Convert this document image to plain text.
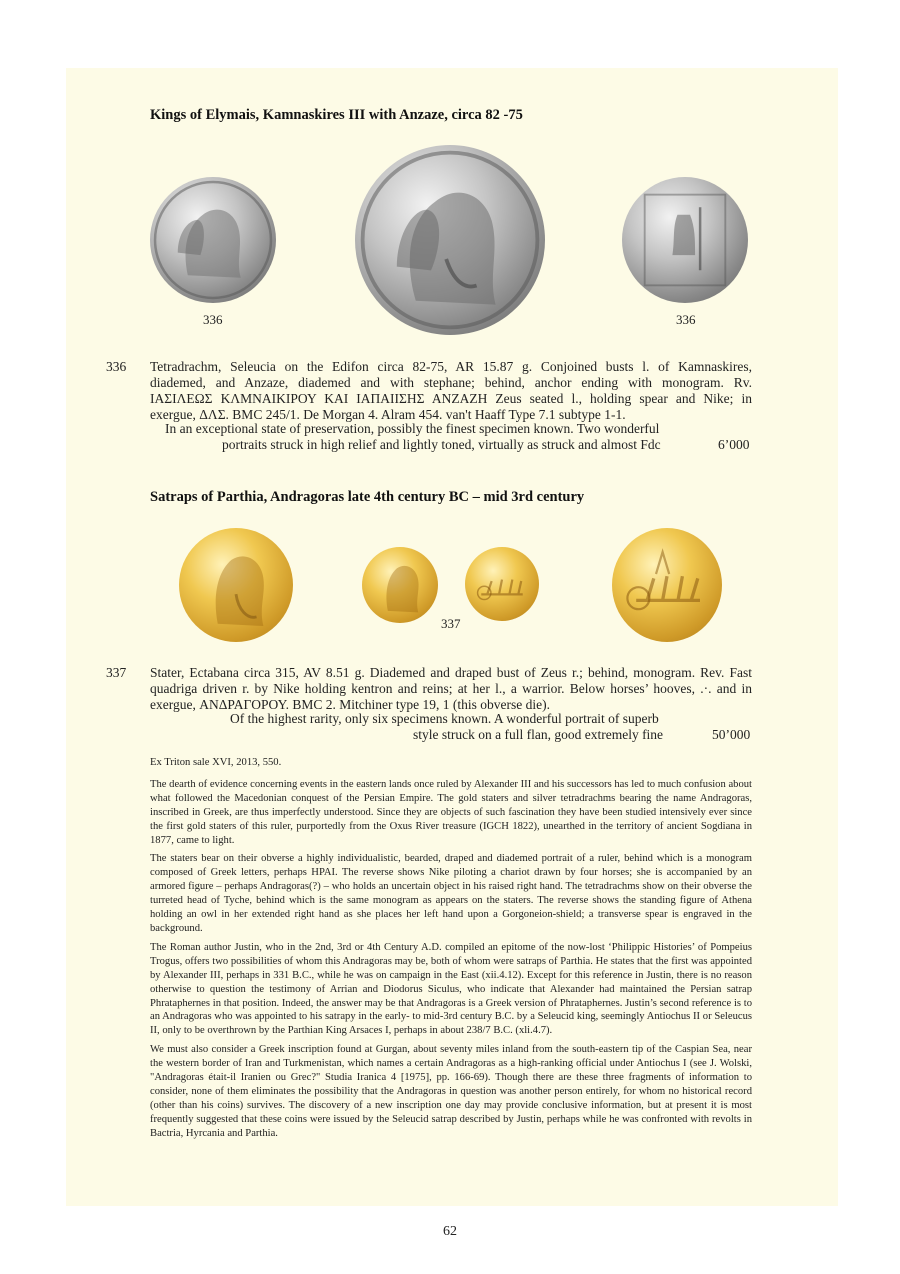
Kings of Elymais, Kamnaskires III with Anzaze, circa 82 -75
336	336
336 Tetradrachm, Seleucia on the Edifon circa 82-75, AR 15.87 g. Conjoined busts l. of Kamnaskires,
diademed, and Anzaze, diademed and with stephane; behind, anchor ending with monogram. Rv.
ΙΑΣΙΛΕΩΣ ΚΛΜΝΑΙΚΙΡΟΥ ΚΑΙ ΙΑΠΑΙΙΣΗΣ ΑΝΖΑΖΗ Zeus seated l., holding spear and Nike; in
exergue, ΔΛΣ. BMC 245/1. De Morgan 4. Alram 454. van't Haaff Type 7.1 subtype 1-1.
In an exceptional state of preservation, possibly the finest specimen known. Two wonderful
portraits struck in high relief and lightly toned, virtually as struck and almost Fdc	6’000
Satraps of Parthia, Andragoras late 4th century BC – mid 3rd century
337
337 Stater, Ectabana circa 315, AV 8.51 g. Diademed and draped bust of Zeus r.; behind, monogram. Rev. Fast
quadriga driven r. by Nike holding kentron and reins; at her l., a warrior. Below horses’ hooves, .·. and in
exergue, ΑΝΔΡΑΓΟΡΟΥ. BMC 2. Mitchiner type 19, 1 (this obverse die).
Of the highest rarity, only six specimens known. A wonderful portrait of superb
style struck on a full flan, good extremely fine	50’000

Ex Triton sale XVI, 2013, 550.

The dearth of evidence concerning events in the eastern lands once ruled by Alexander III and his successors has led to much confusion about what followed the Macedonian conquest of the Persian Empire. The gold staters and silver tetradrachms bearing the name Andragoras, inscribed in Greek, are thus imperfectly understood. Since they are objects of such fascination they have been studied intensively ever since the first gold staters of this ruler, purportedly from the Oxus River treasure (IGCH 1822), unearthed in the territory of ancient Sogdiana in 1877, came to light.

The staters bear on their obverse a highly individualistic, bearded, draped and diademed portrait of a ruler, behind which is a monogram composed of Greek letters, perhaps HPAI. The reverse shows Nike piloting a chariot drawn by four horses; she is accompanied by an armored figure – perhaps Andragoras(?) – who holds an uncertain object in his raised right hand. The tetradrachms show on their obverse the turreted head of Tyche, behind which is the same monogram as appears on the staters. The reverse shows the standing figure of Athena holding an owl in her extended right hand as she places her left hand upon a Gorgoneion-shield; a transverse spear is engraved in the background.

The Roman author Justin, who in the 2nd, 3rd or 4th Century A.D. compiled an epitome of the now-lost ‘Philippic Histories’ of Pompeius Trogus, offers two possibilities of whom this Andragoras may be, both of whom were satraps of Parthia. He states that the first was appointed by Alexander III, perhaps in 331 B.C., while he was on campaign in the East (xii.4.12). Except for this reference in Justin, there is no reason otherwise to question the testimony of Arrian and Diodorus Siculus, who indicate that Alexander had maintained the Persian satrap Phrataphernes in that position. Indeed, the answer may be that Andragoras is a Greek version of Phrataphernes. Justin’s second reference is to an Andragoras who was appointed to his satrapy in the early- to mid-3rd century B.C. by a Seleucid king, seemingly Antiochus II or Seleucus II, only to be overthrown by the Parthian King Arsaces I, perhaps in about 238/7 B.C. (xli.4.7).

We must also consider a Greek inscription found at Gurgan, about seventy miles inland from the south-eastern tip of the Caspian Sea, near the western border of Iran and Turkmenistan, which names a certain Andragoras as a high-ranking official under Antiochus I (see J. Wolski, "Andragoras était-il Iranien ou Grec?" Studia Iranica 4 [1975], pp. 166-69). Though there are these three fragments of information to consider, none of them eliminates the possibility that the Andragoras in question was another person entirely, for whom no historical record (other than his coins) survives. The discovery of a new inscription one day may provide conclusive information, but at present it is most frequently suggested that these coins were issued by the Seleucid satrap described by Justin, perhaps while he was confronted with revolts in Bactria, Hyrcania and Parthia.

62
